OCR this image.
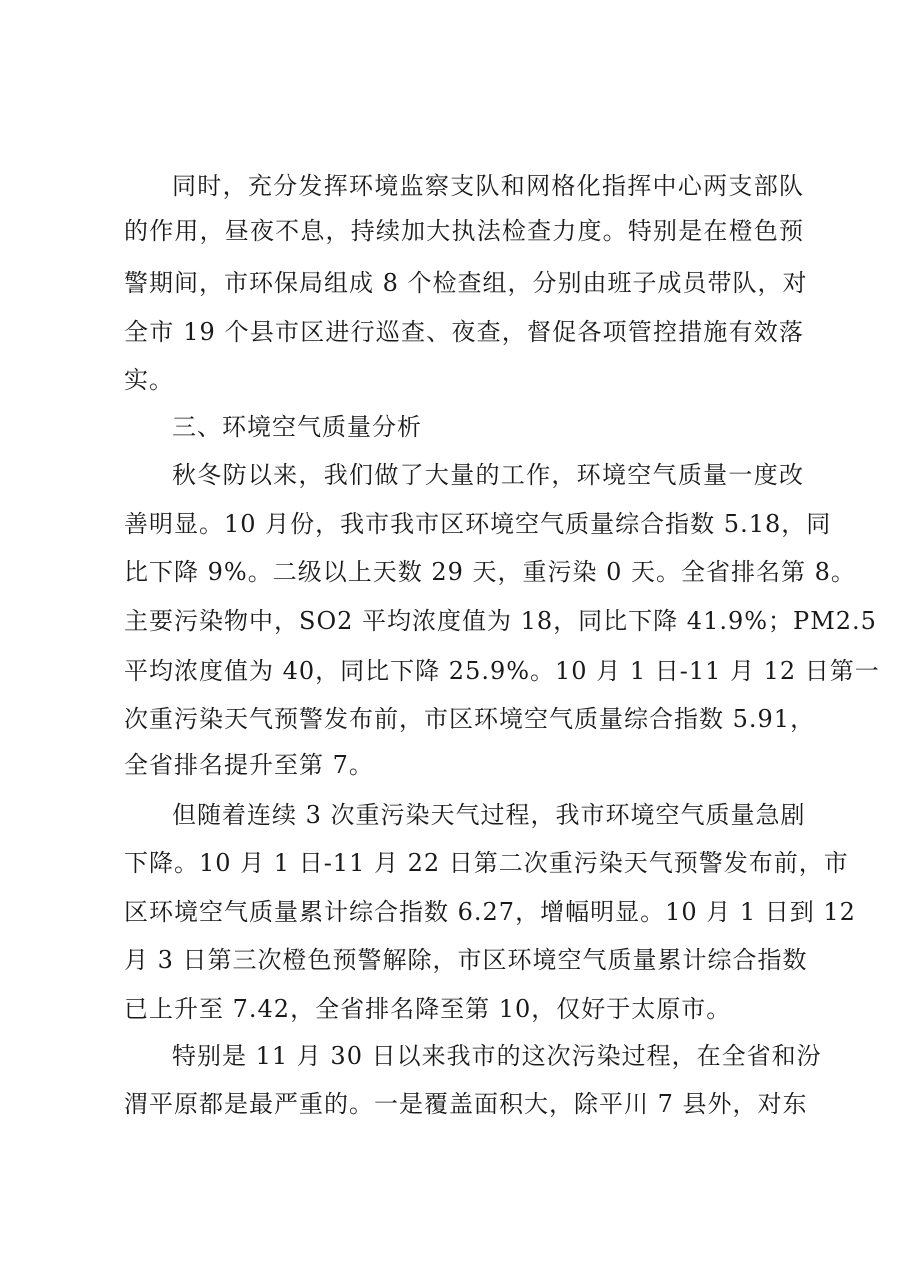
同时，充分发挥环境监察支队和网格化指挥中心两支部队
的作用，昼夜不息，持续加大执法检查力度。特别是在橙色预
警期间，市环保局组成 8 个检查组，分别由班子成员带队，对
全市 19 个县市区进行巡查、夜查，督促各项管控措施有效落
实。
三、环境空气质量分析
秋冬防以来，我们做了大量的工作，环境空气质量一度改
善明显。10 月份，我市我市区环境空气质量综合指数 5.18，同
比下降 9%。二级以上天数 29 天，重污染 0 天。全省排名第 8。
主要污染物中，SO2 平均浓度值为 18，同比下降 41.9%；PM2.5
平均浓度值为 40，同比下降 25.9%。10 月 1 日-11 月 12 日第一
次重污染天气预警发布前，市区环境空气质量综合指数 5.91，
全省排名提升至第 7。
但随着连续 3 次重污染天气过程，我市环境空气质量急剧
下降。10 月 1 日-11 月 22 日第二次重污染天气预警发布前，市
区环境空气质量累计综合指数 6.27，增幅明显。10 月 1 日到 12
月 3 日第三次橙色预警解除，市区环境空气质量累计综合指数
已上升至 7.42，全省排名降至第 10，仅好于太原市。
特别是 11 月 30 日以来我市的这次污染过程，在全省和汾
渭平原都是最严重的。一是覆盖面积大，除平川 7 县外，对东
